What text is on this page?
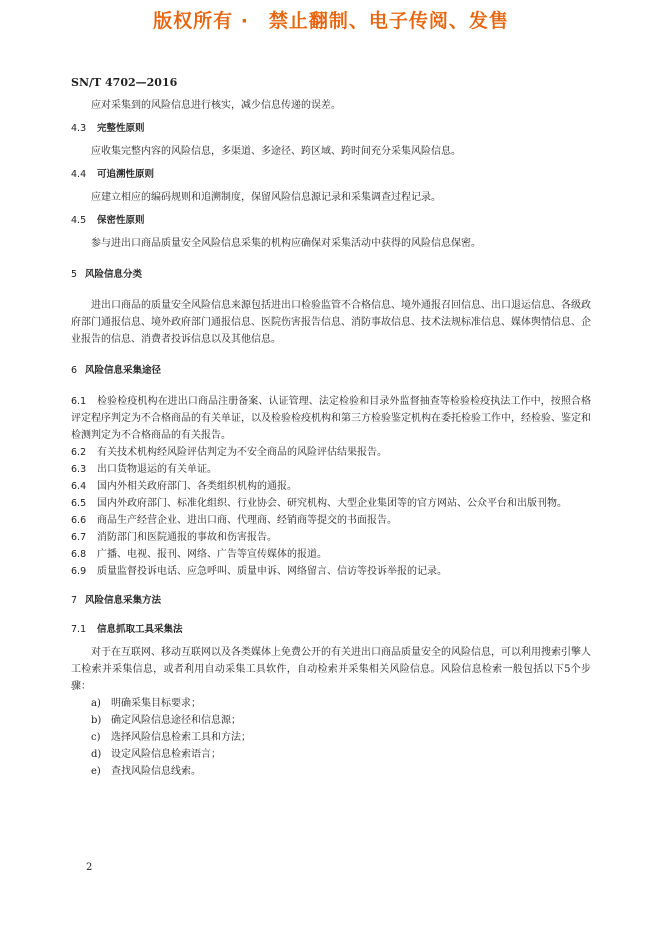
版权所有 ·　禁止翻制、电子传阅、发售
SN/T 4702—2016

应对采集到的风险信息进行核实，减少信息传递的误差。

4.3 完整性原则

应收集完整内容的风险信息，多渠道、多途径、跨区域、跨时间充分采集风险信息。

4.4 可追溯性原则

应建立相应的编码规则和追溯制度，保留风险信息源记录和采集调查过程记录。

4.5 保密性原则

参与进出口商品质量安全风险信息采集的机构应确保对采集活动中获得的风险信息保密。

5 风险信息分类

进出口商品的质量安全风险信息来源包括进出口检验监管不合格信息、境外通报召回信息、出口退运信息、各级政府部门通报信息、境外政府部门通报信息、医院伤害报告信息、消防事故信息、技术法规标准信息、媒体舆情信息、企业报告的信息、消费者投诉信息以及其他信息。

6 风险信息采集途径

6.1 检验检疫机构在进出口商品注册备案、认证管理、法定检验和目录外监督抽查等检验检疫执法工作中，按照合格评定程序判定为不合格商品的有关单证，以及检验检疫机构和第三方检验鉴定机构在委托检验工作中，经检验、鉴定和检测判定为不合格商品的有关报告。

6.2 有关技术机构经风险评估判定为不安全商品的风险评估结果报告。

6.3 出口货物退运的有关单证。

6.4 国内外相关政府部门、各类组织机构的通报。

6.5 国内外政府部门、标准化组织、行业协会、研究机构、大型企业集团等的官方网站、公众平台和出版刊物。

6.6 商品生产经营企业、进出口商、代理商、经销商等提交的书面报告。

6.7 消防部门和医院通报的事故和伤害报告。

6.8 广播、电视、报刊、网络、广告等宣传媒体的报道。

6.9 质量监督投诉电话、应急呼叫、质量申诉、网络留言、信访等投诉举报的记录。

7 风险信息采集方法

7.1 信息抓取工具采集法

对于在互联网、移动互联网以及各类媒体上免费公开的有关进出口商品质量安全的风险信息，可以利用搜索引擎人工检索并采集信息，或者利用自动采集工具软件，自动检索并采集相关风险信息。风险信息检索一般包括以下5个步骤：

a) 明确采集目标要求；

b) 确定风险信息途径和信息源；

c) 选择风险信息检索工具和方法；

d) 设定风险信息检索语言；

e) 查找风险信息线索。

2
